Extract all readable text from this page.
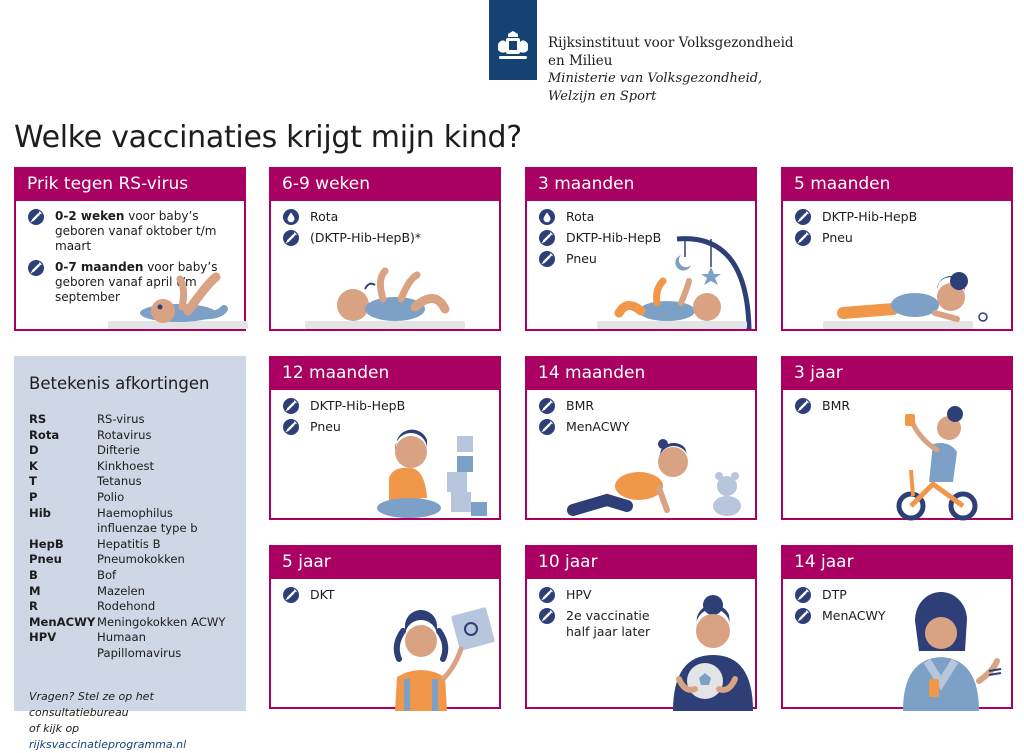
Rijksinstituut voor Volksgezondheid
en Milieu
Ministerie van Volksgezondheid,
Welzijn en Sport
Welke vaccinaties krijgt mijn kind?
Prik tegen RS-virus
0-2 weken voor baby’s geboren vanaf oktober t/m maart
0-7 maanden voor baby’s geboren vanaf april t/m september
6-9 weken
Rota
(DKTP-Hib-HepB)*
3 maanden
Rota
DKTP-Hib-HepB
Pneu
5 maanden
DKTP-Hib-HepB
Pneu
Betekenis afkortingen
RS	RS-virus
Rota	Rotavirus
D	Difterie
K	Kinkhoest
T	Tetanus
P	Polio
Hib	Haemophilus influenzae type b
HepB	Hepatitis B
Pneu	Pneumokokken
B	Bof
M	Mazelen
R	Rodehond
MenACWY	Meningokokken ACWY
HPV	Humaan Papillomavirus
Vragen? Stel ze op het consultatiebureau
of kijk op rijksvaccinatieprogramma.nl
12 maanden
DKTP-Hib-HepB
Pneu
14 maanden
BMR
MenACWY
3 jaar
BMR
5 jaar
DKT
10 jaar
HPV
2e vaccinatie half jaar later
14 jaar
DTP
MenACWY
